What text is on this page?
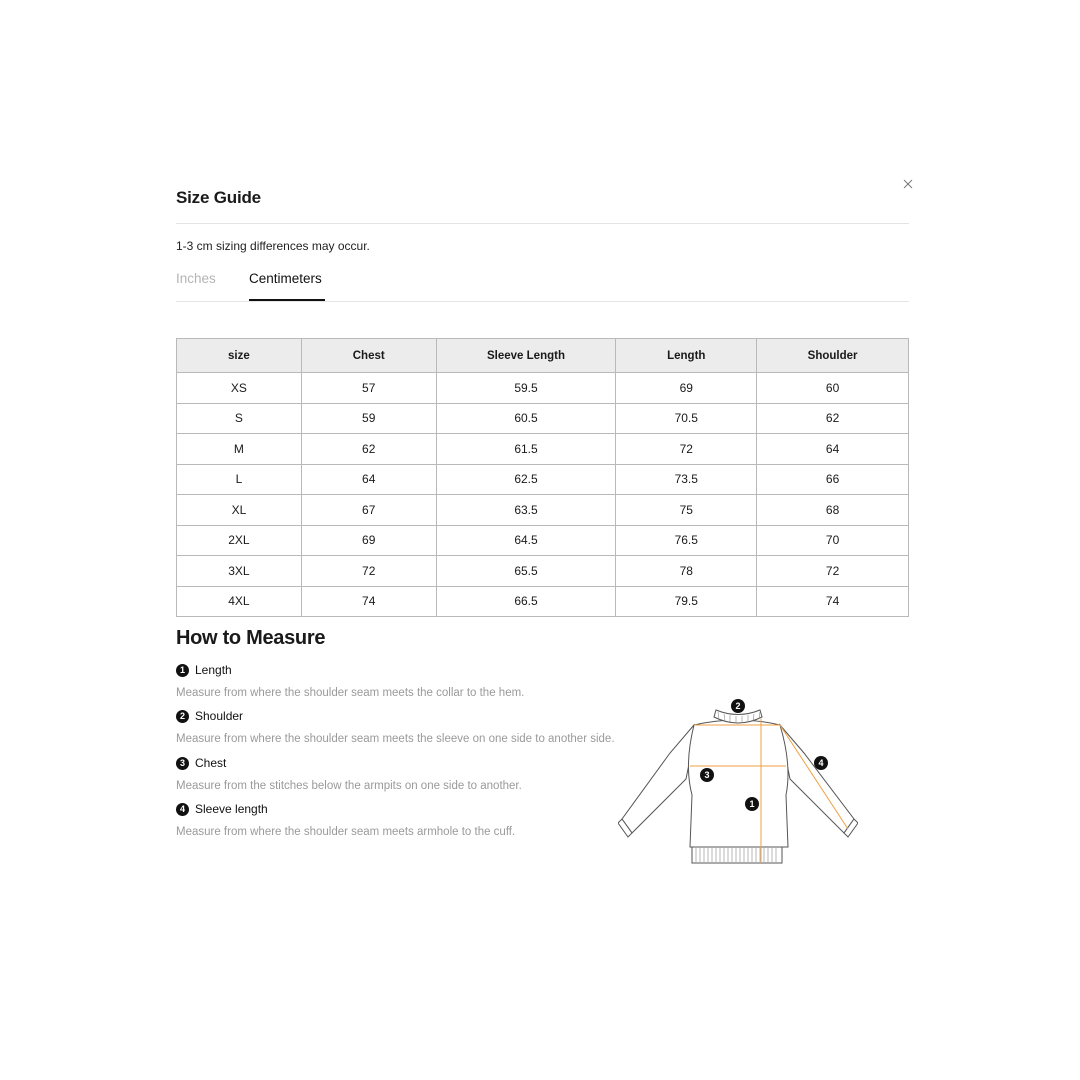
Size Guide
1-3 cm sizing differences may occur.
Inches Centimeters
size	Chest	Sleeve Length	Length	Shoulder
XS	57	59.5	69	60
S	59	60.5	70.5	62
M	62	61.5	72	64
L	64	62.5	73.5	66
XL	67	63.5	75	68
2XL	69	64.5	76.5	70
3XL	72	65.5	78	72
4XL	74	66.5	79.5	74
How to Measure
1 Length
Measure from where the shoulder seam meets the collar to the hem.
2 Shoulder
Measure from where the shoulder seam meets the sleeve on one side to another side.
3 Chest
Measure from the stitches below the armpits on one side to another.
4 Sleeve length
Measure from where the shoulder seam meets armhole to the cuff.
1
2
3
4
